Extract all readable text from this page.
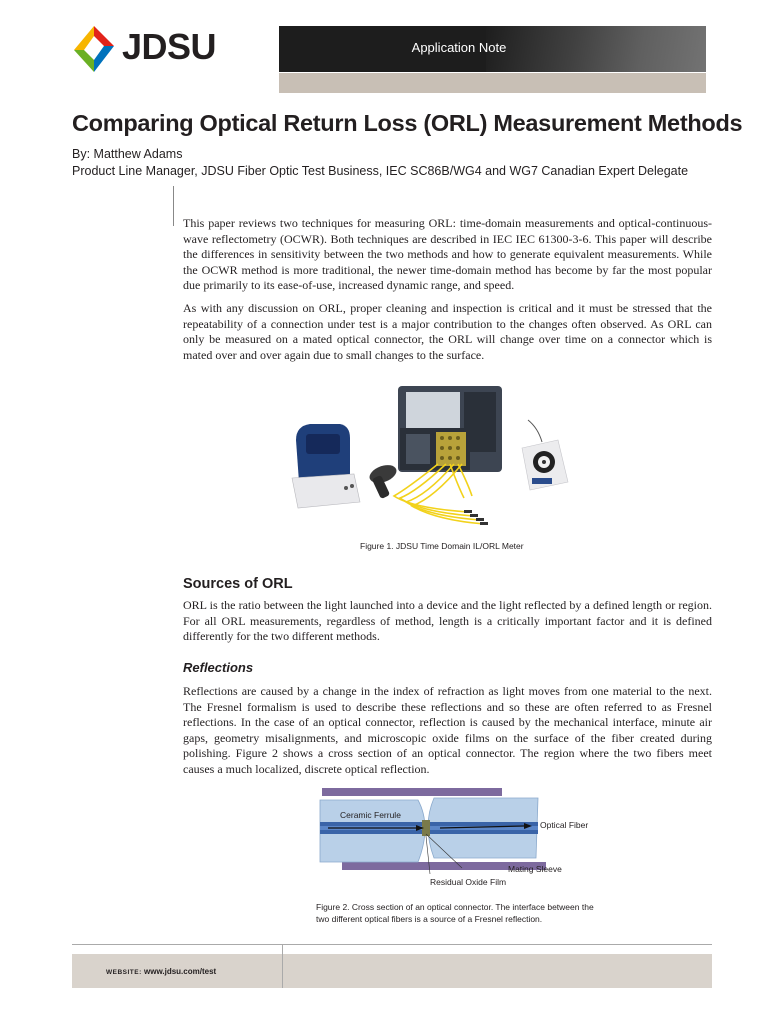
JDSU	Application Note
Comparing Optical Return Loss (ORL) Measurement Methods
By: Matthew Adams
Product Line Manager, JDSU Fiber Optic Test Business, IEC SC86B/WG4 and WG7 Canadian Expert Delegate
This paper reviews two techniques for measuring ORL: time-domain measurements and optical-continuous-wave reflectometry (OCWR). Both techniques are described in IEC IEC 61300-3-6. This paper will describe the differences in sensitivity between the two methods and how to generate equivalent measurements. While the OCWR method is more traditional, the newer time-domain method has become by far the most popular due primarily to its ease-of-use, increased dynamic range, and speed.
As with any discussion on ORL, proper cleaning and inspection is critical and it must be stressed that the repeatability of a connection under test is a major contribution to the changes often observed. As ORL can only be measured on a mated optical connector, the ORL will change over time on a connector which is mated over and over again due to small changes to the surface.
Figure 1. JDSU Time Domain IL/ORL Meter
Sources of ORL
ORL is the ratio between the light launched into a device and the light reflected by a defined length or region. For all ORL measurements, regardless of method, length is a critically important factor and it is defined differently for the two different methods.
Reflections
Reflections are caused by a change in the index of refraction as light moves from one material to the next. The Fresnel formalism is used to describe these reflections and so these are often referred to as Fresnel reflections. In the case of an optical connector, reflection is caused by the mechanical interface, minute air gaps, geometry misalignments, and microscopic oxide films on the surface of the fiber created during polishing. Figure 2 shows a cross section of an optical connector. The region where the two fibers meet causes a much localized, discrete optical reflection.
Ceramic Ferrule
Optical Fiber
Mating Sleeve
Residual Oxide Film
Figure 2. Cross section of an optical connector. The interface between the two different optical fibers is a source of a Fresnel reflection.
WEBSITE: www.jdsu.com/test
